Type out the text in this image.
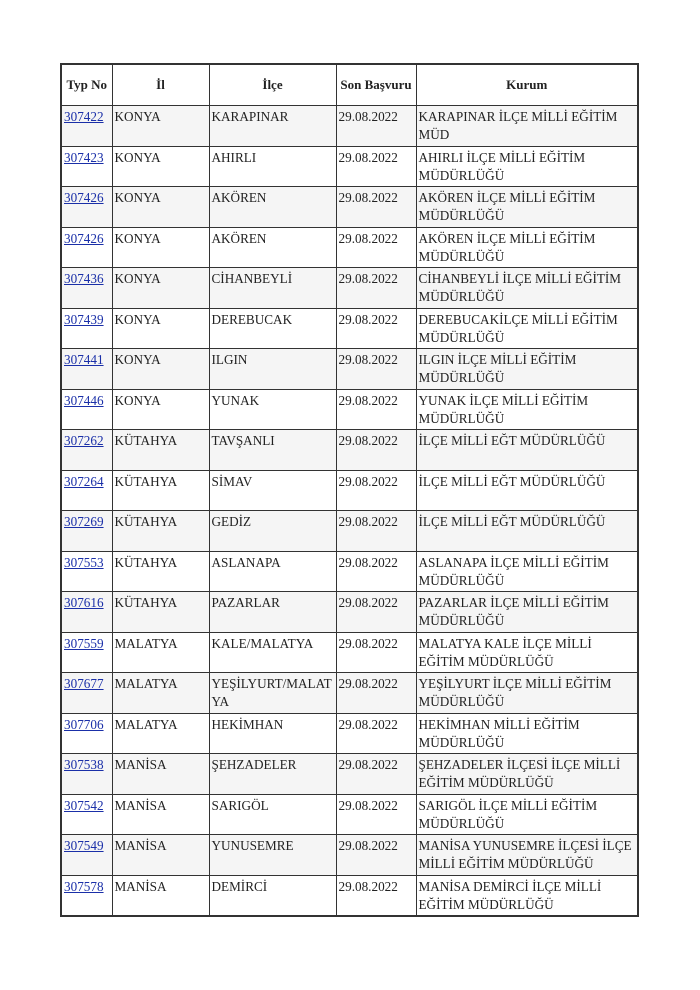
Typ No	İl	İlçe	Son Başvuru	Kurum
307422	KONYA	KARAPINAR	29.08.2022	KARAPINAR İLÇE MİLLİ EĞİTİM MÜD
307423	KONYA	AHIRLI	29.08.2022	AHIRLI İLÇE MİLLİ EĞİTİM MÜDÜRLÜĞÜ
307426	KONYA	AKÖREN	29.08.2022	AKÖREN İLÇE MİLLİ EĞİTİM MÜDÜRLÜĞÜ
307426	KONYA	AKÖREN	29.08.2022	AKÖREN İLÇE MİLLİ EĞİTİM MÜDÜRLÜĞÜ
307436	KONYA	CİHANBEYLİ	29.08.2022	CİHANBEYLİ İLÇE MİLLİ EĞİTİM MÜDÜRLÜĞÜ
307439	KONYA	DEREBUCAK	29.08.2022	DEREBUCAKİLÇE MİLLİ EĞİTİM MÜDÜRLÜĞÜ
307441	KONYA	ILGIN	29.08.2022	ILGIN İLÇE MİLLİ EĞİTİM MÜDÜRLÜĞÜ
307446	KONYA	YUNAK	29.08.2022	YUNAK İLÇE MİLLİ EĞİTİM MÜDÜRLÜĞÜ
307262	KÜTAHYA	TAVŞANLI	29.08.2022	İLÇE MİLLİ EĞT MÜDÜRLÜĞÜ
307264	KÜTAHYA	SİMAV	29.08.2022	İLÇE MİLLİ EĞT MÜDÜRLÜĞÜ
307269	KÜTAHYA	GEDİZ	29.08.2022	İLÇE MİLLİ EĞT MÜDÜRLÜĞÜ
307553	KÜTAHYA	ASLANAPA	29.08.2022	ASLANAPA İLÇE MİLLİ EĞİTİM MÜDÜRLÜĞÜ
307616	KÜTAHYA	PAZARLAR	29.08.2022	PAZARLAR İLÇE MİLLİ EĞİTİM MÜDÜRLÜĞÜ
307559	MALATYA	KALE/MALATYA	29.08.2022	MALATYA KALE İLÇE MİLLİ EĞİTİM MÜDÜRLÜĞÜ
307677	MALATYA	YEŞİLYURT/MALATYA	29.08.2022	YEŞİLYURT İLÇE MİLLİ EĞİTİM MÜDÜRLÜĞÜ
307706	MALATYA	HEKİMHAN	29.08.2022	HEKİMHAN MİLLİ EĞİTİM MÜDÜRLÜĞÜ
307538	MANİSA	ŞEHZADELER	29.08.2022	ŞEHZADELER İLÇESİ İLÇE MİLLİ EĞİTİM MÜDÜRLÜĞÜ
307542	MANİSA	SARIGÖL	29.08.2022	SARIGÖL İLÇE MİLLİ EĞİTİM MÜDÜRLÜĞÜ
307549	MANİSA	YUNUSEMRE	29.08.2022	MANİSA YUNUSEMRE İLÇESİ İLÇE MİLLİ EĞİTİM MÜDÜRLÜĞÜ
307578	MANİSA	DEMİRCİ	29.08.2022	MANİSA DEMİRCİ İLÇE MİLLİ EĞİTİM MÜDÜRLÜĞÜ
